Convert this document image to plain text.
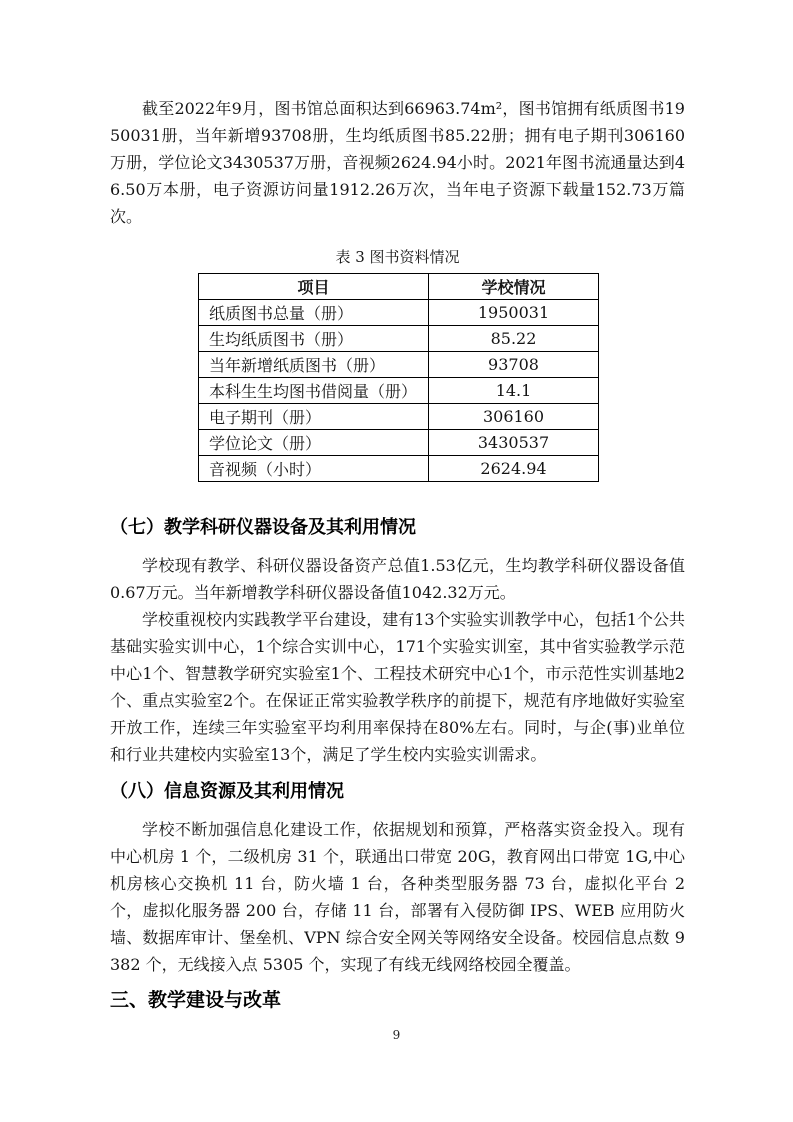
截至2022年9月，图书馆总面积达到66963.74m²，图书馆拥有纸质图书1950031册，当年新增93708册，生均纸质图书85.22册；拥有电子期刊306160万册，学位论文3430537万册，音视频2624.94小时。2021年图书流通量达到46.50万本册，电子资源访问量1912.26万次，当年电子资源下载量152.73万篇次。

表 3 图书资料情况
项目	学校情况
纸质图书总量（册）	1950031
生均纸质图书（册）	85.22
当年新增纸质图书（册）	93708
本科生生均图书借阅量（册）	14.1
电子期刊（册）	306160
学位论文（册）	3430537
音视频（小时）	2624.94
（七）教学科研仪器设备及其利用情况

学校现有教学、科研仪器设备资产总值1.53亿元，生均教学科研仪器设备值0.67万元。当年新增教学科研仪器设备值1042.32万元。

学校重视校内实践教学平台建设，建有13个实验实训教学中心，包括1个公共基础实验实训中心，1个综合实训中心，171个实验实训室，其中省实验教学示范中心1个、智慧教学研究实验室1个、工程技术研究中心1个，市示范性实训基地2个、重点实验室2个。在保证正常实验教学秩序的前提下，规范有序地做好实验室开放工作，连续三年实验室平均利用率保持在80%左右。同时，与企(事)业单位和行业共建校内实验室13个，满足了学生校内实验实训需求。

（八）信息资源及其利用情况

学校不断加强信息化建设工作，依据规划和预算，严格落实资金投入。现有中心机房 1 个，二级机房 31 个，联通出口带宽 20G，教育网出口带宽 1G,中心机房核心交换机 11 台，防火墙 1 台，各种类型服务器 73 台，虚拟化平台 2 个，虚拟化服务器 200 台，存储 11 台，部署有入侵防御 IPS、WEB 应用防火墙、数据库审计、堡垒机、VPN 综合安全网关等网络安全设备。校园信息点数 9382 个，无线接入点 5305 个，实现了有线无线网络校园全覆盖。

三、教学建设与改革
9
